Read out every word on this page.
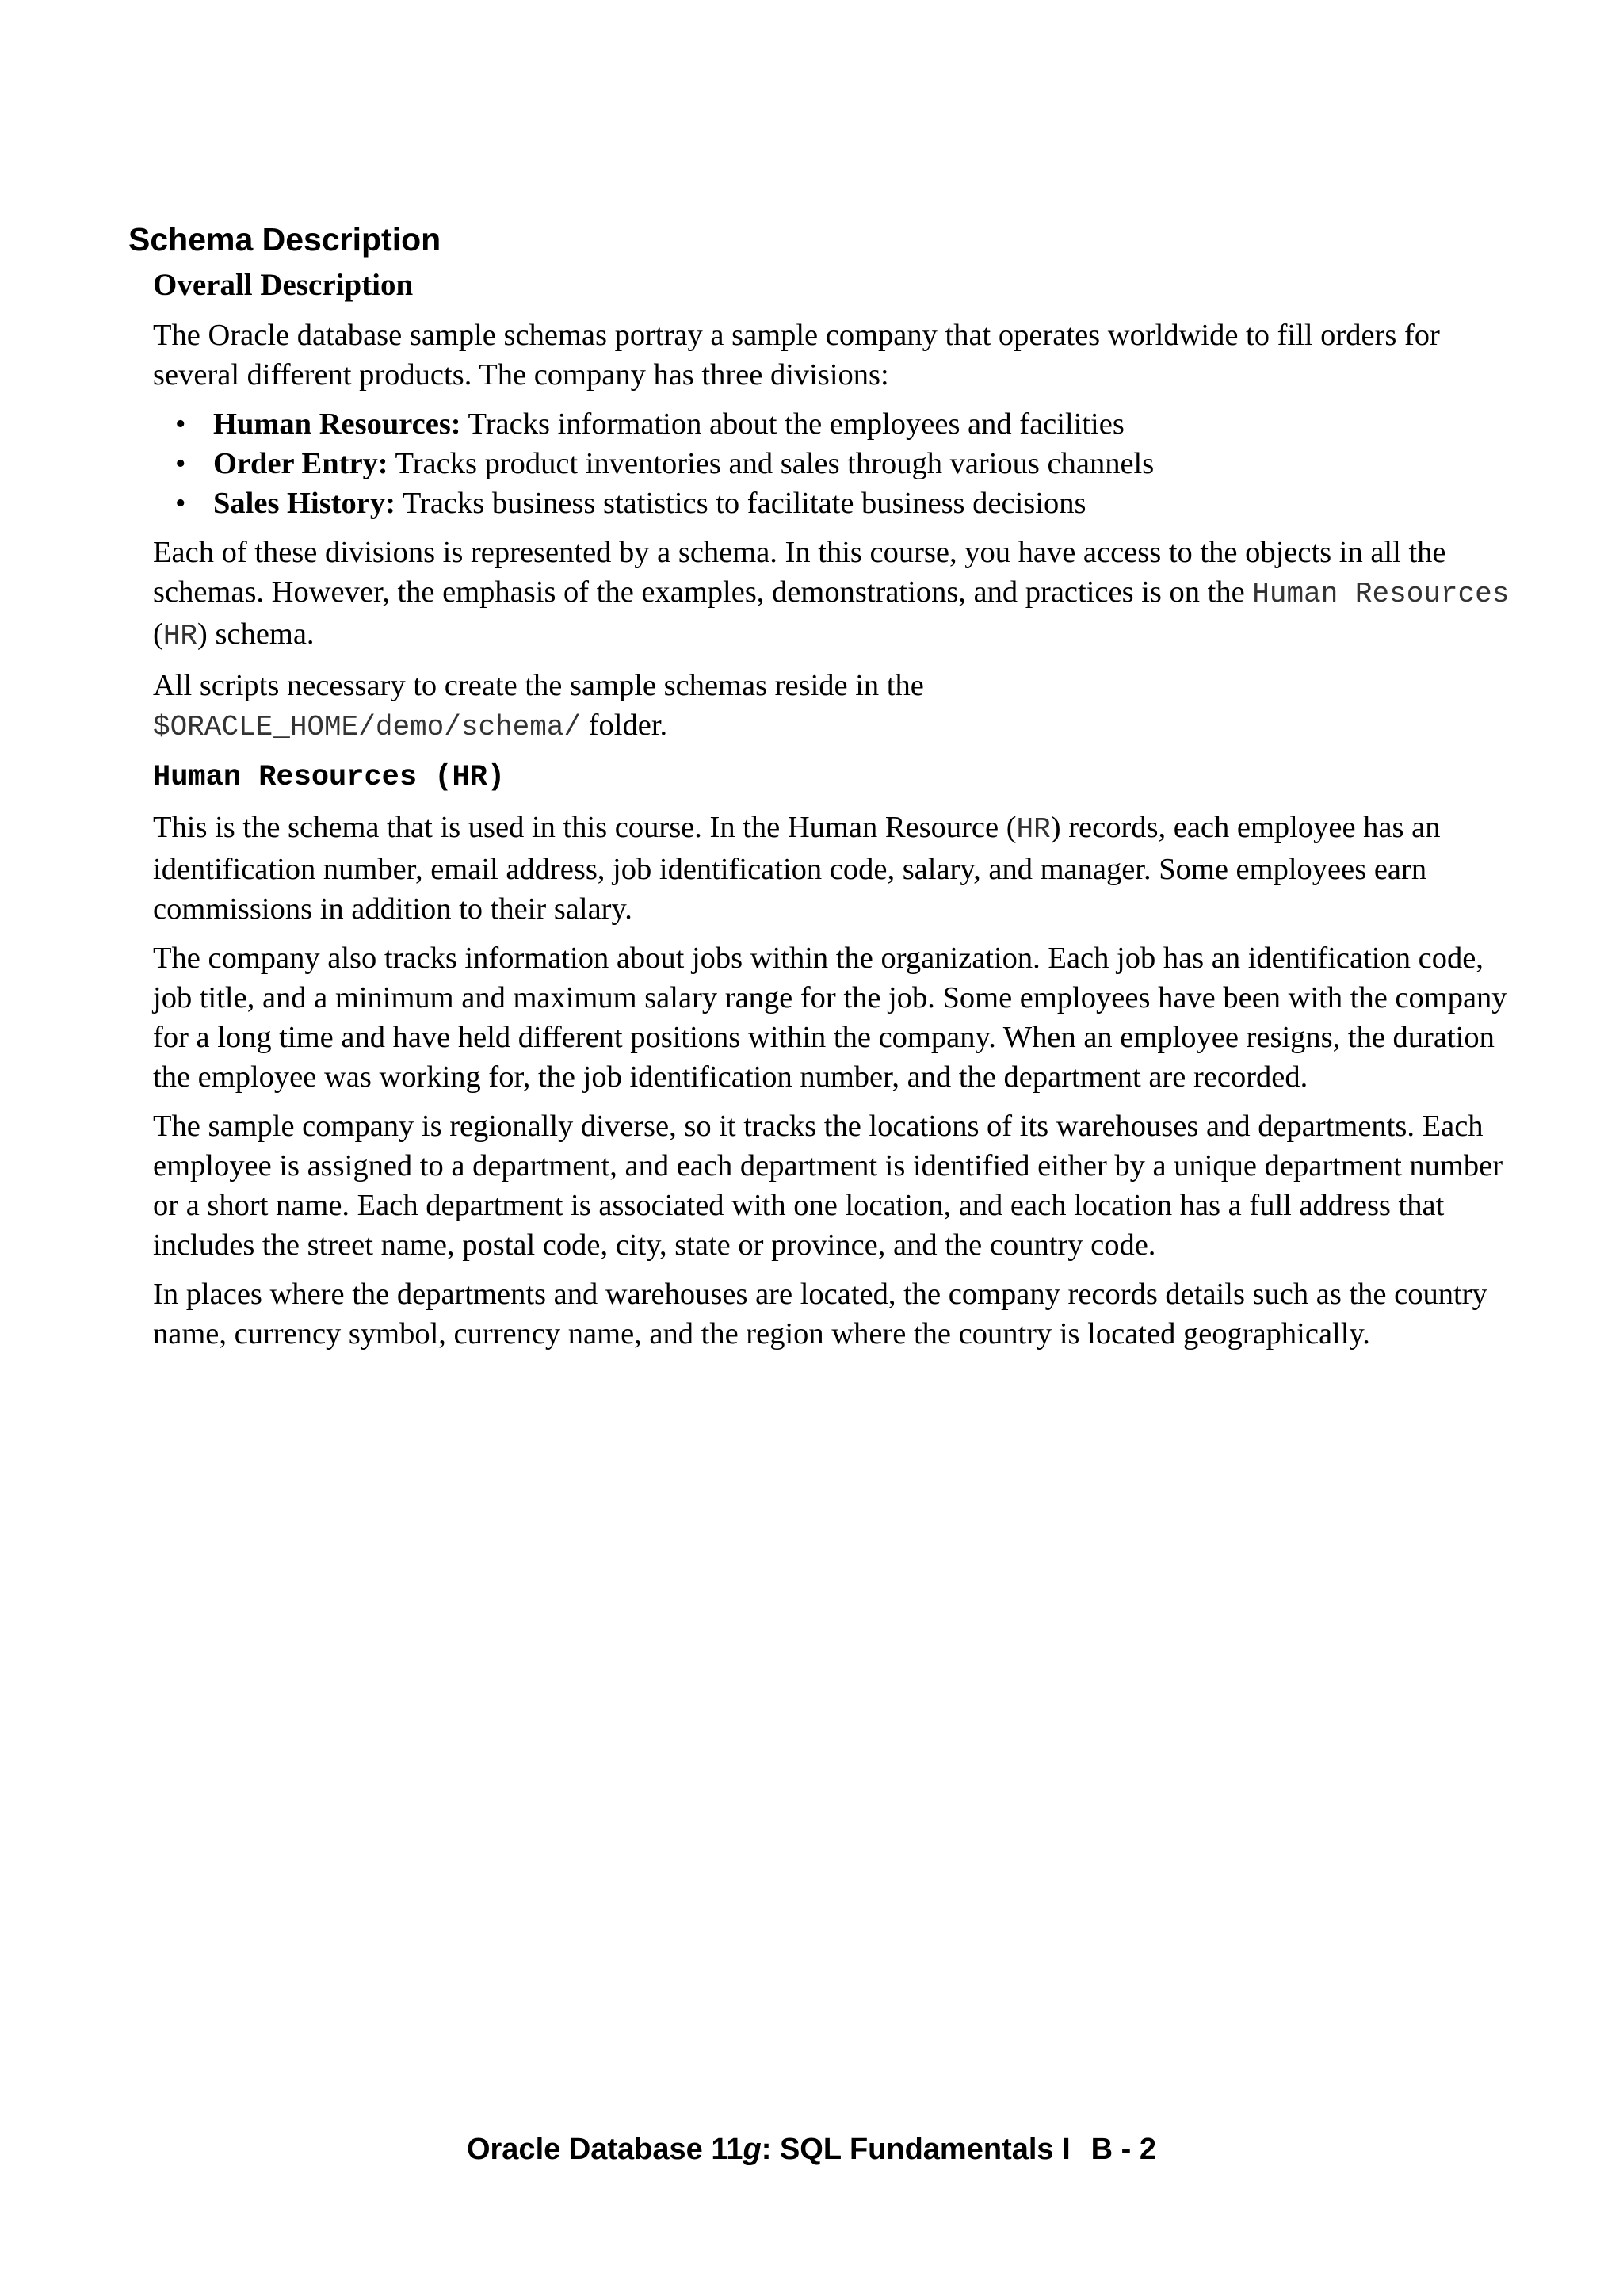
Schema Description
Overall Description

The Oracle database sample schemas portray a sample company that operates worldwide to fill orders for several different products. The company has three divisions:

• Human Resources: Tracks information about the employees and facilities
• Order Entry: Tracks product inventories and sales through various channels
• Sales History: Tracks business statistics to facilitate business decisions

Each of these divisions is represented by a schema. In this course, you have access to the objects in all the schemas. However, the emphasis of the examples, demonstrations, and practices is on the Human Resources (HR) schema.

All scripts necessary to create the sample schemas reside in the
$ORACLE_HOME/demo/schema/ folder.

Human Resources (HR)

This is the schema that is used in this course. In the Human Resource (HR) records, each employee has an identification number, email address, job identification code, salary, and manager. Some employees earn commissions in addition to their salary.

The company also tracks information about jobs within the organization. Each job has an identification code, job title, and a minimum and maximum salary range for the job. Some employees have been with the company for a long time and have held different positions within the company. When an employee resigns, the duration the employee was working for, the job identification number, and the department are recorded.

The sample company is regionally diverse, so it tracks the locations of its warehouses and departments. Each employee is assigned to a department, and each department is identified either by a unique department number or a short name. Each department is associated with one location, and each location has a full address that includes the street name, postal code, city, state or province, and the country code.

In places where the departments and warehouses are located, the company records details such as the country name, currency symbol, currency name, and the region where the country is located geographically.

Oracle Database 11g: SQL Fundamentals I B - 2
